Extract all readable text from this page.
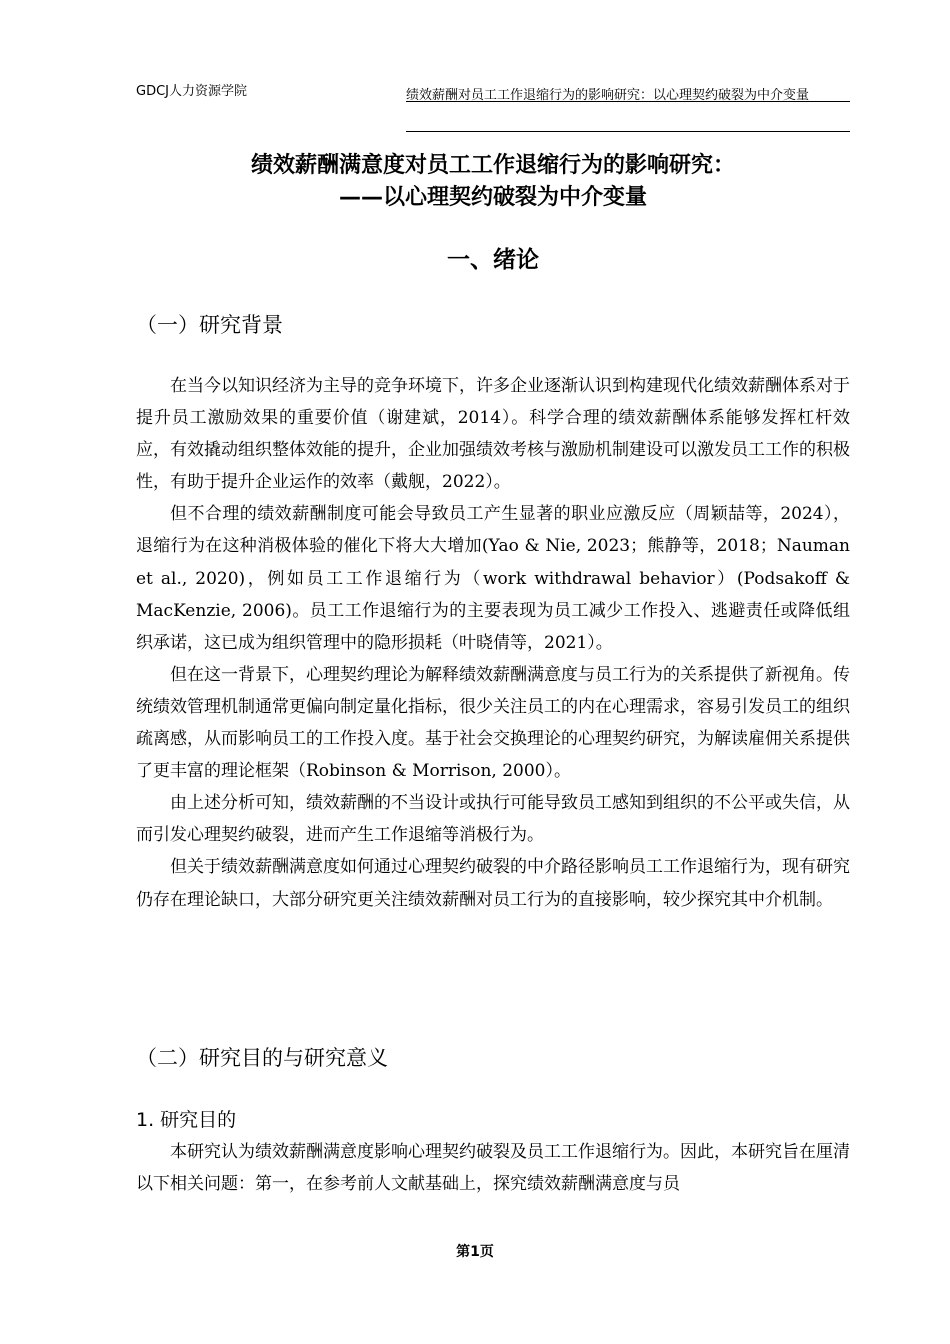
GDCJ人力资源学院	绩效薪酬对员工工作退缩行为的影响研究：以心理契约破裂为中介变量
绩效薪酬满意度对员工工作退缩行为的影响研究：
——以心理契约破裂为中介变量
一、绪论
（一）研究背景

在当今以知识经济为主导的竞争环境下，许多企业逐渐认识到构建现代化绩效薪酬体系对于提升员工激励效果的重要价值（谢建斌，2014）。科学合理的绩效薪酬体系能够发挥杠杆效应，有效撬动组织整体效能的提升，企业加强绩效考核与激励机制建设可以激发员工工作的积极性，有助于提升企业运作的效率（戴舰，2022）。

但不合理的绩效薪酬制度可能会导致员工产生显著的职业应激反应（周颖喆等，2024），退缩行为在这种消极体验的催化下将大大增加(Yao & Nie, 2023；熊静等，2018；Nauman et al., 2020)，例如员工工作退缩行为（work withdrawal behavior）(Podsakoff & MacKenzie, 2006)。员工工作退缩行为的主要表现为员工减少工作投入、逃避责任或降低组织承诺，这已成为组织管理中的隐形损耗（叶晓倩等，2021）。

但在这一背景下，心理契约理论为解释绩效薪酬满意度与员工行为的关系提供了新视角。传统绩效管理机制通常更偏向制定量化指标，很少关注员工的内在心理需求，容易引发员工的组织疏离感，从而影响员工的工作投入度。基于社会交换理论的心理契约研究，为解读雇佣关系提供了更丰富的理论框架（Robinson & Morrison, 2000）。

由上述分析可知，绩效薪酬的不当设计或执行可能导致员工感知到组织的不公平或失信，从而引发心理契约破裂，进而产生工作退缩等消极行为。

但关于绩效薪酬满意度如何通过心理契约破裂的中介路径影响员工工作退缩行为，现有研究仍存在理论缺口，大部分研究更关注绩效薪酬对员工行为的直接影响，较少探究其中介机制。

（二）研究目的与研究意义
1. 研究目的

本研究认为绩效薪酬满意度影响心理契约破裂及员工工作退缩行为。因此，本研究旨在厘清以下相关问题：第一，在参考前人文献基础上，探究绩效薪酬满意度与员

第1页
